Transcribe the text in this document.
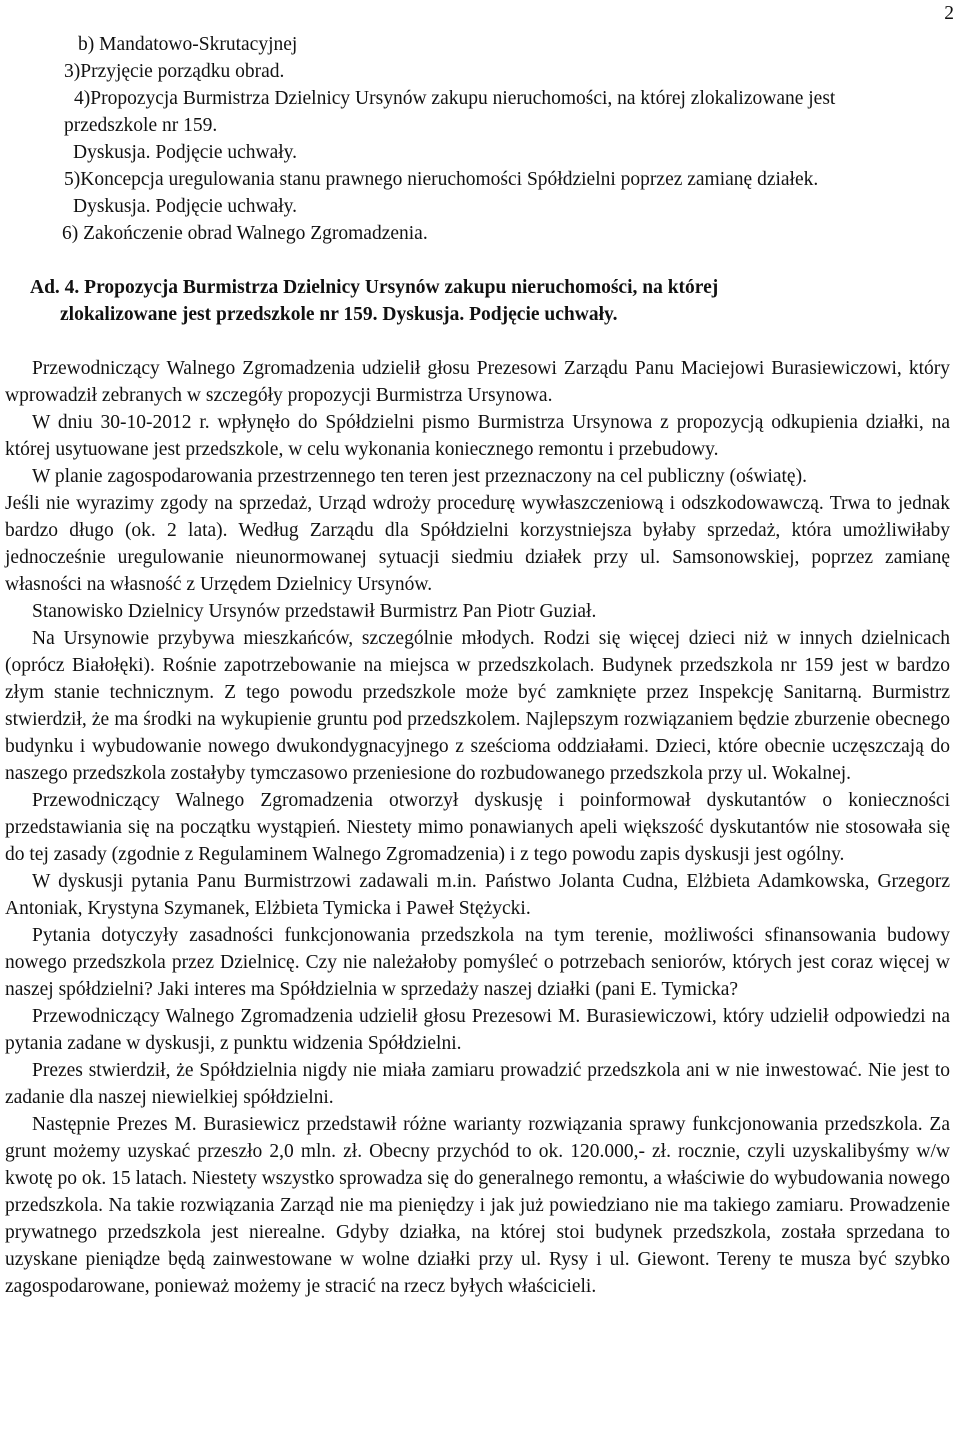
2
b) Mandatowo-Skrutacyjnej
3)Przyjęcie porządku obrad.
4)Propozycja Burmistrza Dzielnicy Ursynów zakupu nieruchomości, na której zlokalizowane jest
przedszkole nr 159.
Dyskusja. Podjęcie uchwały.
5)Koncepcja uregulowania stanu prawnego nieruchomości Spółdzielni poprzez zamianę działek.
Dyskusja. Podjęcie uchwały.
6) Zakończenie obrad Walnego Zgromadzenia.
Ad. 4. Propozycja Burmistrza Dzielnicy Ursynów zakupu nieruchomości, na której
zlokalizowane jest przedszkole nr 159. Dyskusja. Podjęcie uchwały.

Przewodniczący Walnego Zgromadzenia udzielił głosu Prezesowi Zarządu Panu Maciejowi Burasiewiczowi, który wprowadził zebranych w szczegóły propozycji Burmistrza Ursynowa.

W dniu 30-10-2012 r. wpłynęło do Spółdzielni pismo Burmistrza Ursynowa z propozycją odkupienia działki, na której usytuowane jest przedszkole, w celu wykonania koniecznego remontu i przebudowy.

W planie zagospodarowania przestrzennego ten teren jest przeznaczony na cel publiczny (oświatę).

Jeśli nie wyrazimy zgody na sprzedaż, Urząd wdroży procedurę wywłaszczeniową i odszkodowawczą. Trwa to jednak bardzo długo (ok. 2 lata). Według Zarządu dla Spółdzielni korzystniejsza byłaby sprzedaż, która umożliwiłaby jednocześnie uregulowanie nieunormowanej sytuacji siedmiu działek przy ul. Samsonowskiej, poprzez zamianę własności na własność z Urzędem Dzielnicy Ursynów.

Stanowisko Dzielnicy Ursynów przedstawił Burmistrz Pan Piotr Guział.

Na Ursynowie przybywa mieszkańców, szczególnie młodych. Rodzi się więcej dzieci niż w innych dzielnicach (oprócz Białołęki). Rośnie zapotrzebowanie na miejsca w przedszkolach. Budynek przedszkola nr 159 jest w bardzo złym stanie technicznym. Z tego powodu przedszkole może być zamknięte przez Inspekcję Sanitarną. Burmistrz stwierdził, że ma środki na wykupienie gruntu pod przedszkolem. Najlepszym rozwiązaniem będzie zburzenie obecnego budynku i wybudowanie nowego dwukondygnacyjnego z sześcioma oddziałami. Dzieci, które obecnie uczęszczają do naszego przedszkola zostałyby tymczasowo przeniesione do rozbudowanego przedszkola przy ul. Wokalnej.

Przewodniczący Walnego Zgromadzenia otworzył dyskusję i poinformował dyskutantów o konieczności przedstawiania się na początku wystąpień. Niestety mimo ponawianych apeli większość dyskutantów nie stosowała się do tej zasady (zgodnie z Regulaminem Walnego Zgromadzenia) i z tego powodu zapis dyskusji jest ogólny.

W dyskusji pytania Panu Burmistrzowi zadawali m.in. Państwo Jolanta Cudna, Elżbieta Adamkowska, Grzegorz Antoniak, Krystyna Szymanek, Elżbieta Tymicka i Paweł Stężycki.

Pytania dotyczyły zasadności funkcjonowania przedszkola na tym terenie, możliwości sfinansowania budowy nowego przedszkola przez Dzielnicę. Czy nie należałoby pomyśleć o potrzebach seniorów, których jest coraz więcej w naszej spółdzielni? Jaki interes ma Spółdzielnia w sprzedaży naszej działki (pani E. Tymicka?

Przewodniczący Walnego Zgromadzenia udzielił głosu Prezesowi M. Burasiewiczowi, który udzielił odpowiedzi na pytania zadane w dyskusji, z punktu widzenia Spółdzielni.

Prezes stwierdził, że Spółdzielnia nigdy nie miała zamiaru prowadzić przedszkola ani w nie inwestować. Nie jest to zadanie dla naszej niewielkiej spółdzielni.

Następnie Prezes M. Burasiewicz przedstawił różne warianty rozwiązania sprawy funkcjonowania przedszkola. Za grunt możemy uzyskać przeszło 2,0 mln. zł. Obecny przychód to ok. 120.000,- zł. rocznie, czyli uzyskalibyśmy w/w kwotę po ok. 15 latach. Niestety wszystko sprowadza się do generalnego remontu, a właściwie do wybudowania nowego przedszkola. Na takie rozwiązania Zarząd nie ma pieniędzy i jak już powiedziano nie ma takiego zamiaru. Prowadzenie prywatnego przedszkola jest nierealne. Gdyby działka, na której stoi budynek przedszkola, została sprzedana to uzyskane pieniądze będą zainwestowane w wolne działki przy ul. Rysy i ul. Giewont. Tereny te musza być szybko zagospodarowane, ponieważ możemy je stracić na rzecz byłych właścicieli.
